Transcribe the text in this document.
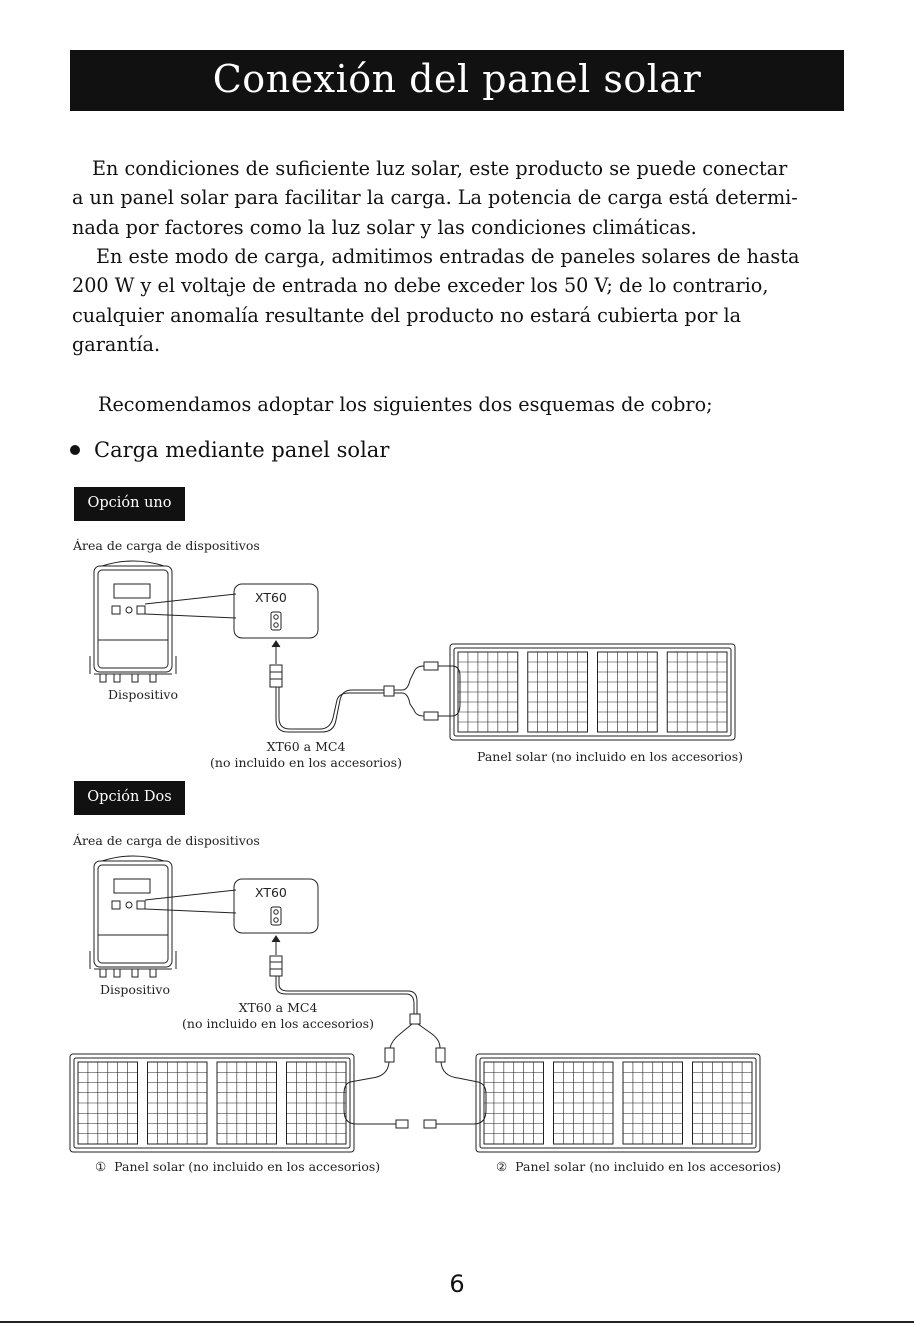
Conexión del panel solar
En condiciones de suficiente luz solar, este producto se puede conectar
a un panel solar para facilitar la carga. La potencia de carga está determi-
nada por factores como la luz solar y las condiciones climáticas.
En este modo de carga, admitimos entradas de paneles solares de hasta
200 W y el voltaje de entrada no debe exceder los 50 V; de lo contrario,
cualquier anomalía resultante del producto no estará cubierta por la
garantía.
Recomendamos adoptar los siguientes dos esquemas de cobro;
Carga mediante panel solar
Opción uno
Área de carga de dispositivos
Dispositivo
XT60
XT60 a MC4
(no incluido en los accesorios)	Panel solar (no incluido en los accesorios)
Opción Dos
Área de carga de dispositivos
Dispositivo
XT60
XT60 a MC4
(no incluido en los accesorios)
① Panel solar (no incluido en los accesorios)	② Panel solar (no incluido en los accesorios)
6
